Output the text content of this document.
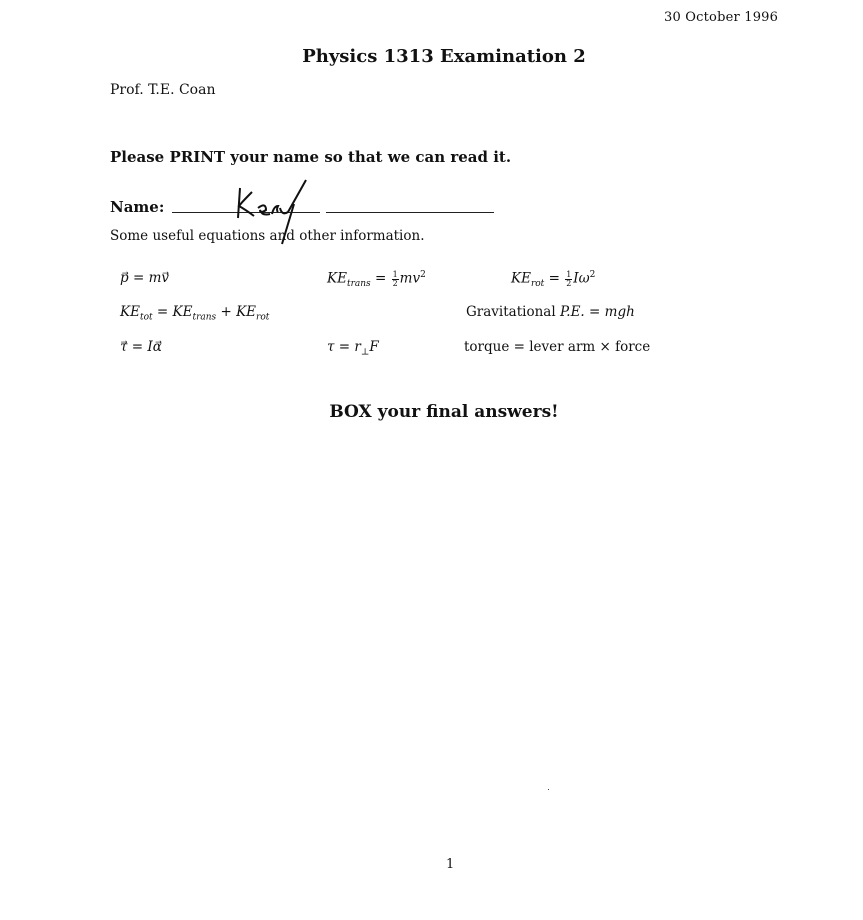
30 October 1996
Physics 1313 Examination 2
Prof. T.E. Coan
Please PRINT your name so that we can read it.
Name:
Some useful equations and other information.
p = mv	$KE_{trans} = \frac{1}{2} mv^2$	$KE_{rot} = \frac{1}{2} I\omega^2$
$KE_{tot} = KE_{trans} + KE_{rot}$	Gravitational P.E. = mgh
τ = Iα	$\tau = r_\perp F$	torque = lever arm × force
BOX your final answers!
1
